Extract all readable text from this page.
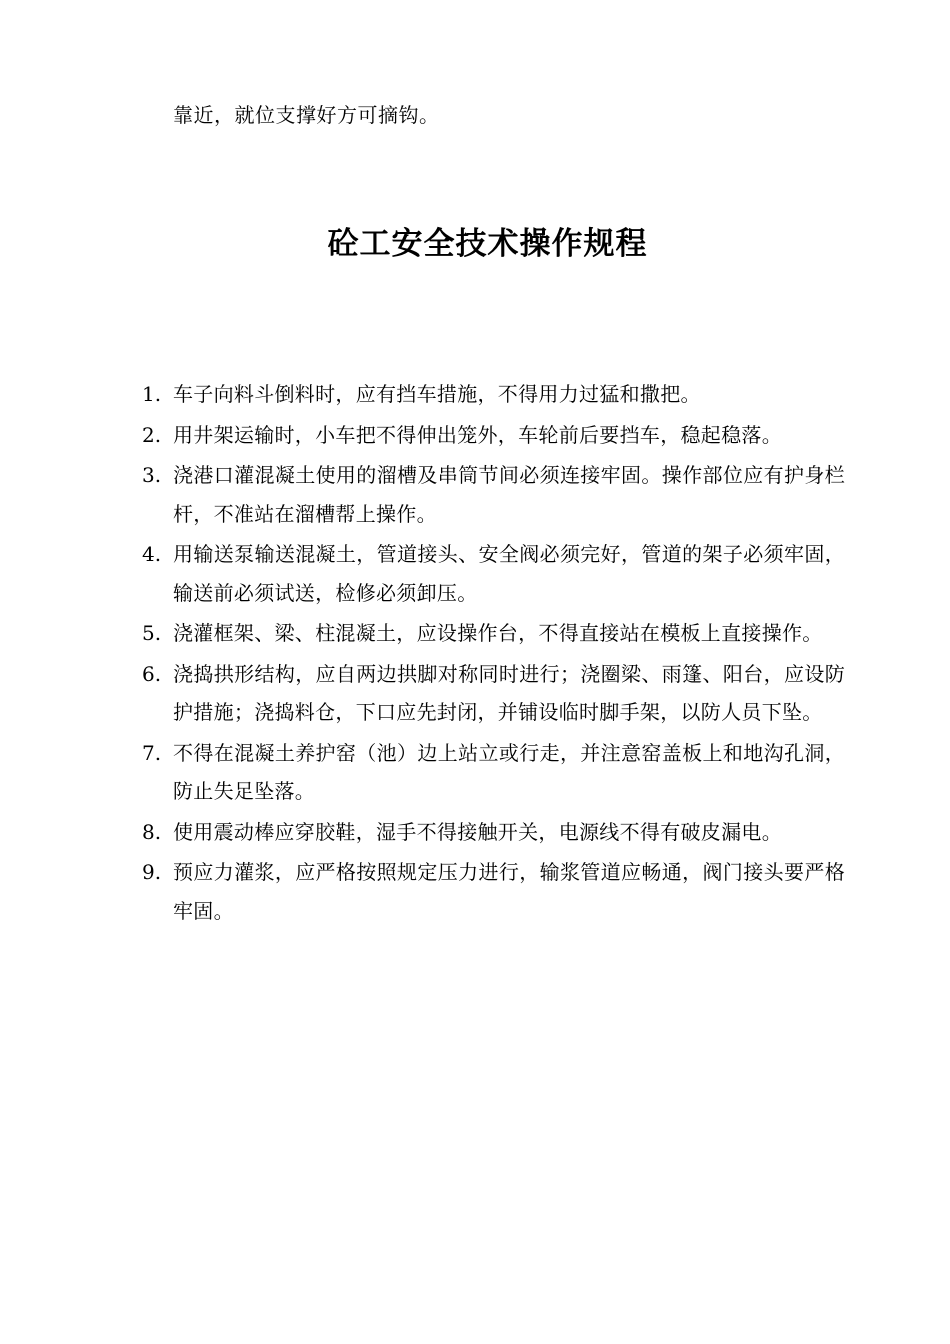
靠近，就位支撑好方可摘钩。
砼工安全技术操作规程
1. 车子向料斗倒料时，应有挡车措施，不得用力过猛和撒把。
2. 用井架运输时，小车把不得伸出笼外，车轮前后要挡车，稳起稳落。
3. 浇港口灌混凝土使用的溜槽及串筒节间必须连接牢固。操作部位应有护身栏杆，不准站在溜槽帮上操作。
4. 用输送泵输送混凝土，管道接头、安全阀必须完好，管道的架子必须牢固，输送前必须试送，检修必须卸压。
5. 浇灌框架、梁、柱混凝土，应设操作台，不得直接站在模板上直接操作。
6. 浇捣拱形结构，应自两边拱脚对称同时进行；浇圈梁、雨篷、阳台，应设防护措施；浇捣料仓，下口应先封闭，并铺设临时脚手架，以防人员下坠。
7. 不得在混凝土养护窑（池）边上站立或行走，并注意窑盖板上和地沟孔洞，防止失足坠落。
8. 使用震动棒应穿胶鞋，湿手不得接触开关，电源线不得有破皮漏电。
9. 预应力灌浆，应严格按照规定压力进行，输浆管道应畅通，阀门接头要严格牢固。
